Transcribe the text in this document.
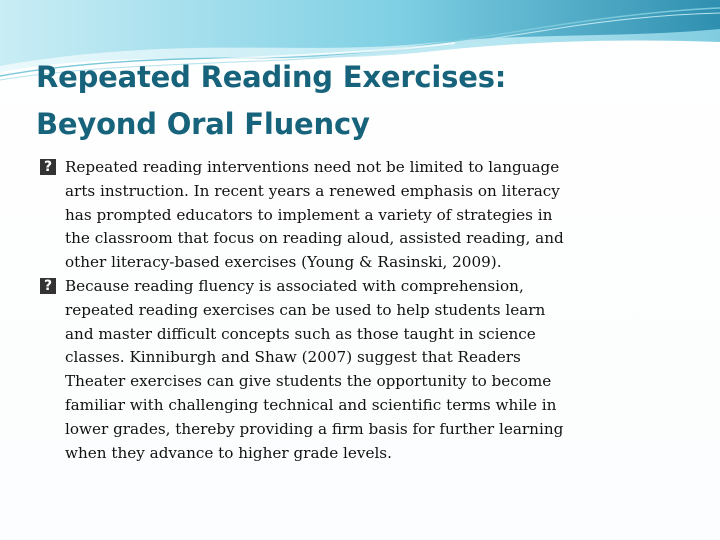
Repeated Reading Exercises:
Beyond Oral Fluency
? Repeated reading interventions need not be limited to language
arts instruction. In recent years a renewed emphasis on literacy
has prompted educators to implement a variety of strategies in
the classroom that focus on reading aloud, assisted reading, and
other literacy-based exercises (Young & Rasinski, 2009).
? Because reading fluency is associated with comprehension,
repeated reading exercises can be used to help students learn
and master difficult concepts such as those taught in science
classes. Kinniburgh and Shaw (2007) suggest that Readers
Theater exercises can give students the opportunity to become
familiar with challenging technical and scientific terms while in
lower grades, thereby providing a firm basis for further learning
when they advance to higher grade levels.
